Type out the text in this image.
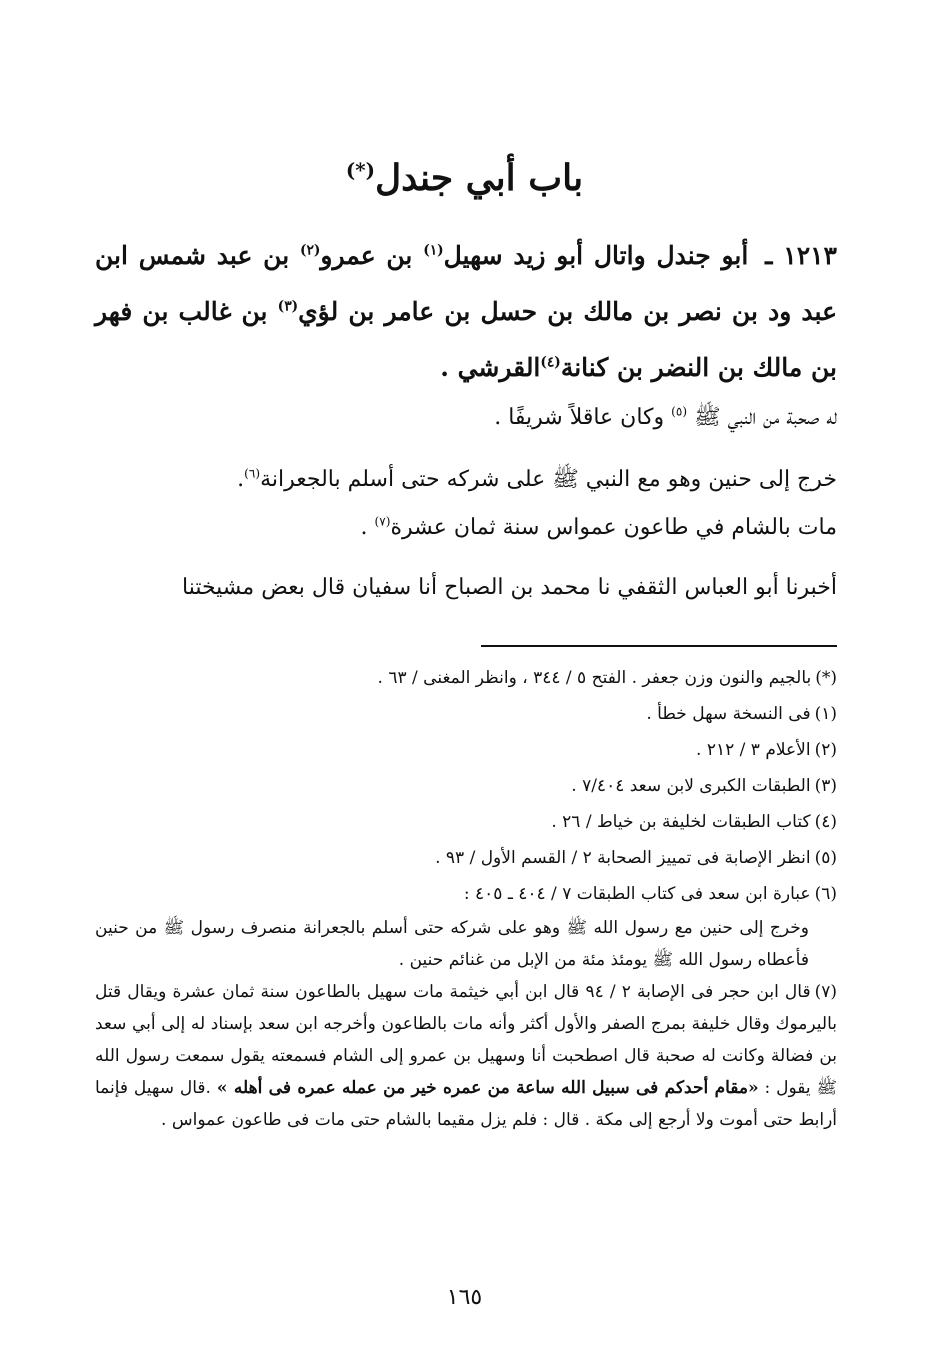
باب أبي جندل(*)
١٢١٣ ـ أبو جندل وا‌تال أبو زيد سهيل$^{(١)}$ بن عمرو$^{(٢)}$ بن عبد شمس ابن عبد ود بن نصر بن مالك بن حسل بن عامر بن لؤي$^{(٣)}$ بن غالب بن فهر بن مالك بن النضر بن كنانة$^{(٤)}$القرشي .
له صحبة من النبي ﷺ $^{(٥)}$ وكان عاقلاً شريفًا .
خرج إلى حنين وهو مع النبي ﷺ على شركه حتى أسلم بالجعرانة$^{(٦)}$.
مات بالشام في طاعون عمواس سنة ثمان عشرة$^{(٧)}$ .
أخبرنا أبو العباس الثقفي نا محمد بن الصباح أنا سفيان قال بعض مشيختنا

(*)بالجيم والنون وزن جعفر . الفتح ٥ / ٣٤٤ ، وانظر المغنى / ٦٣ .

(١)فى النسخة سهل خطأ .

(٢)الأعلام ٣ / ٢١٢ .

(٣)الطبقات الكبرى لابن سعد ٧/٤٠٤ .

(٤)كتاب الطبقات لخليفة بن خياط / ٢٦ .

(٥)انظر الإصابة فى تمييز الصحابة ٢ / القسم الأول / ٩٣ .

(٦)عبارة ابن سعد فى كتاب الطبقات ٧ / ٤٠٤ ـ ٤٠٥ :

وخرج إلى حنين مع رسول الله ﷺ وهو على شركه حتى أسلم بالجعرانة منصرف رسول ﷺ من حنين فأعطاه رسول الله ﷺ يومئذ مئة من الإبل من غنائم حنين .

(٧)قال ابن حجر فى الإصابة ٢ / ٩٤ قال ابن أبي خيثمة مات سهيل بالطاعون سنة ثمان عشرة ويقال قتل باليرموك وقال خليفة بمرج الصفر والأول أكثر وأنه مات بالطاعون وأخرجه ابن سعد بإسناد له إلى أبي سعد بن فضالة وكانت له صحبة قال اصطحبت أنا وسهيل بن عمرو إلى الشام فسمعته يقول سمعت رسول الله ﷺ يقول : «مقام أحدكم فى سبيل الله ساعة من عمره خير من عمله عمره فى أهله » .قال سهيل فإنما أرابط حتى أموت ولا أرجع إلى مكة . قال : فلم يزل مقيما بالشام حتى مات فى طاعون عمواس .

١٦٥
